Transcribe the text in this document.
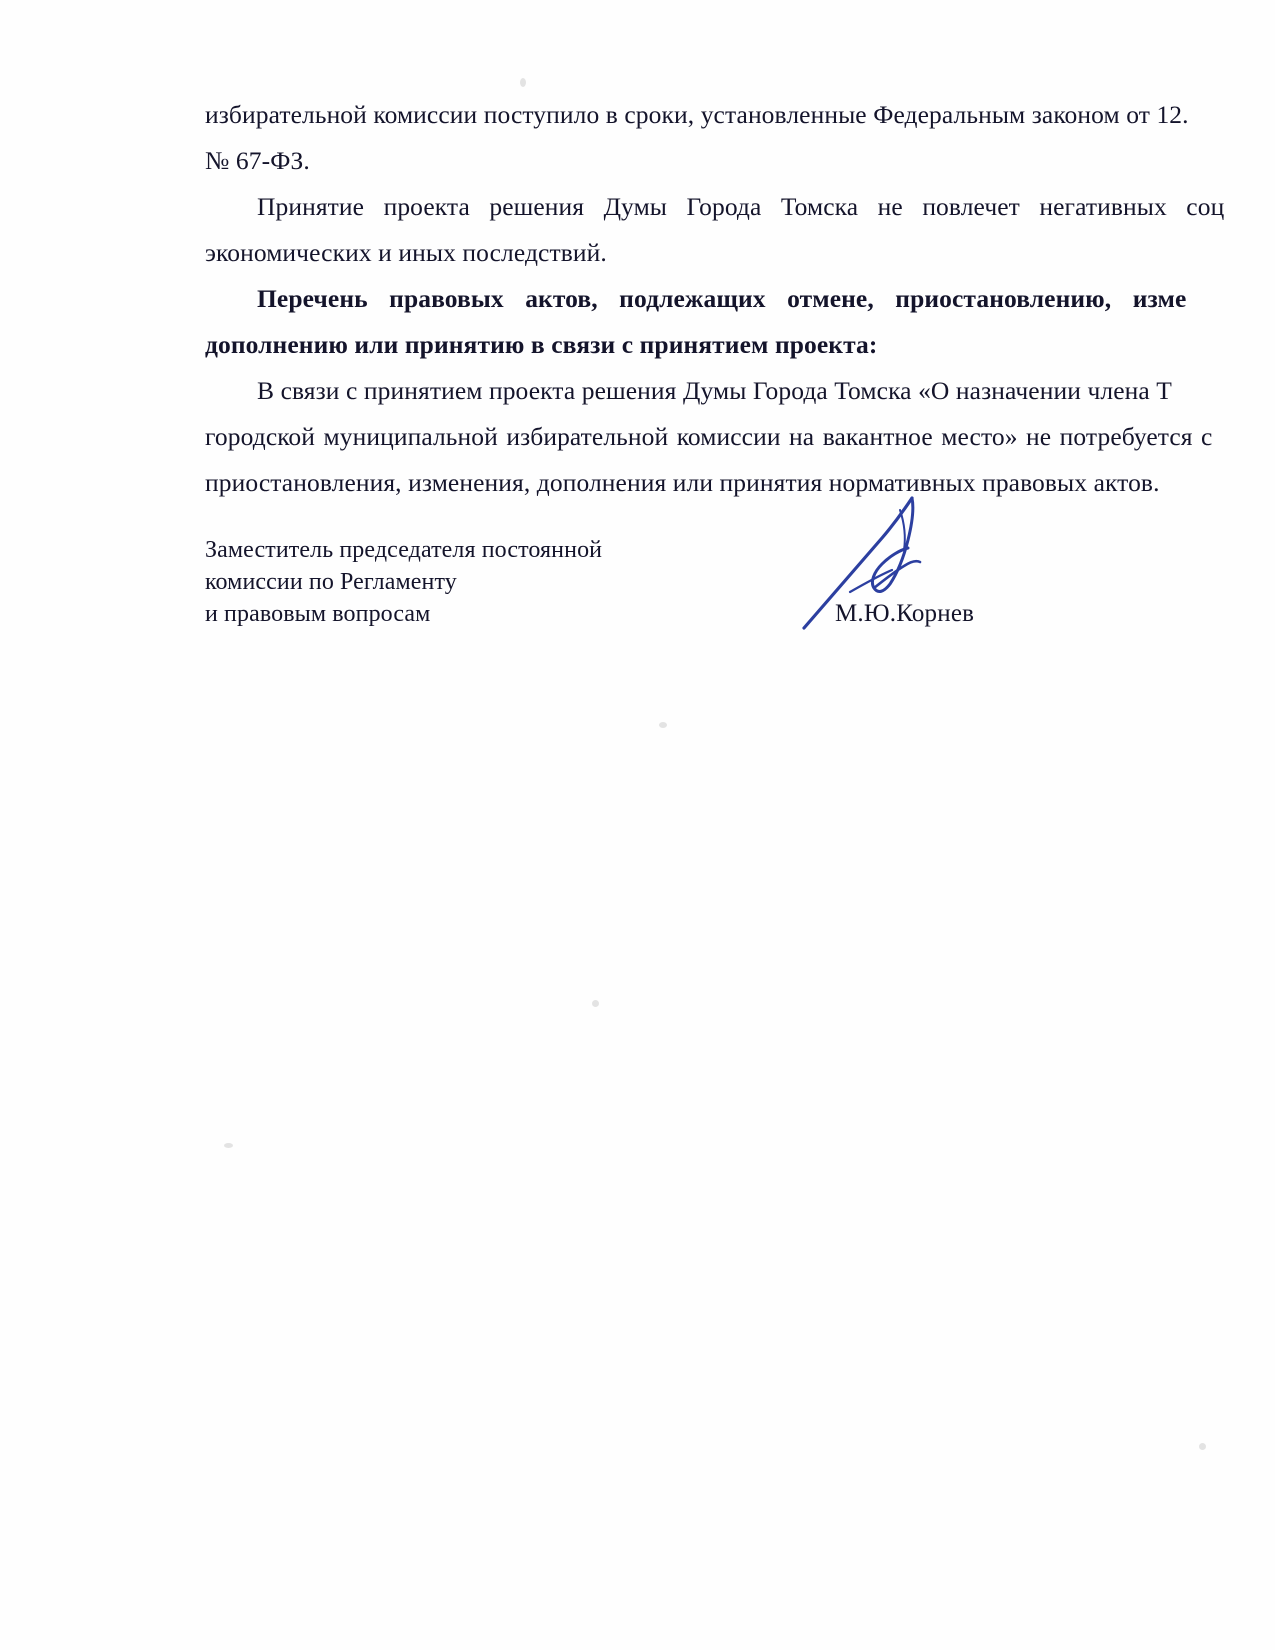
избирательной комиссии поступило в сроки, установленные Федеральным законом от 12.

№ 67-ФЗ.

Принятие проекта решения Думы Города Томска не повлечет негативных соц

экономических и иных последствий.

Перечень правовых актов, подлежащих отмене, приостановлению, изме

дополнению или принятию в связи с принятием проекта:

В связи с принятием проекта решения Думы Города Томска «О назначении члена Т

городской муниципальной избирательной комиссии на вакантное место» не потребуется с

приостановления, изменения, дополнения или принятия нормативных правовых актов.

Заместитель председателя постоянной
комиссии по Регламенту
и правовым вопросам	М.Ю.Корнев
